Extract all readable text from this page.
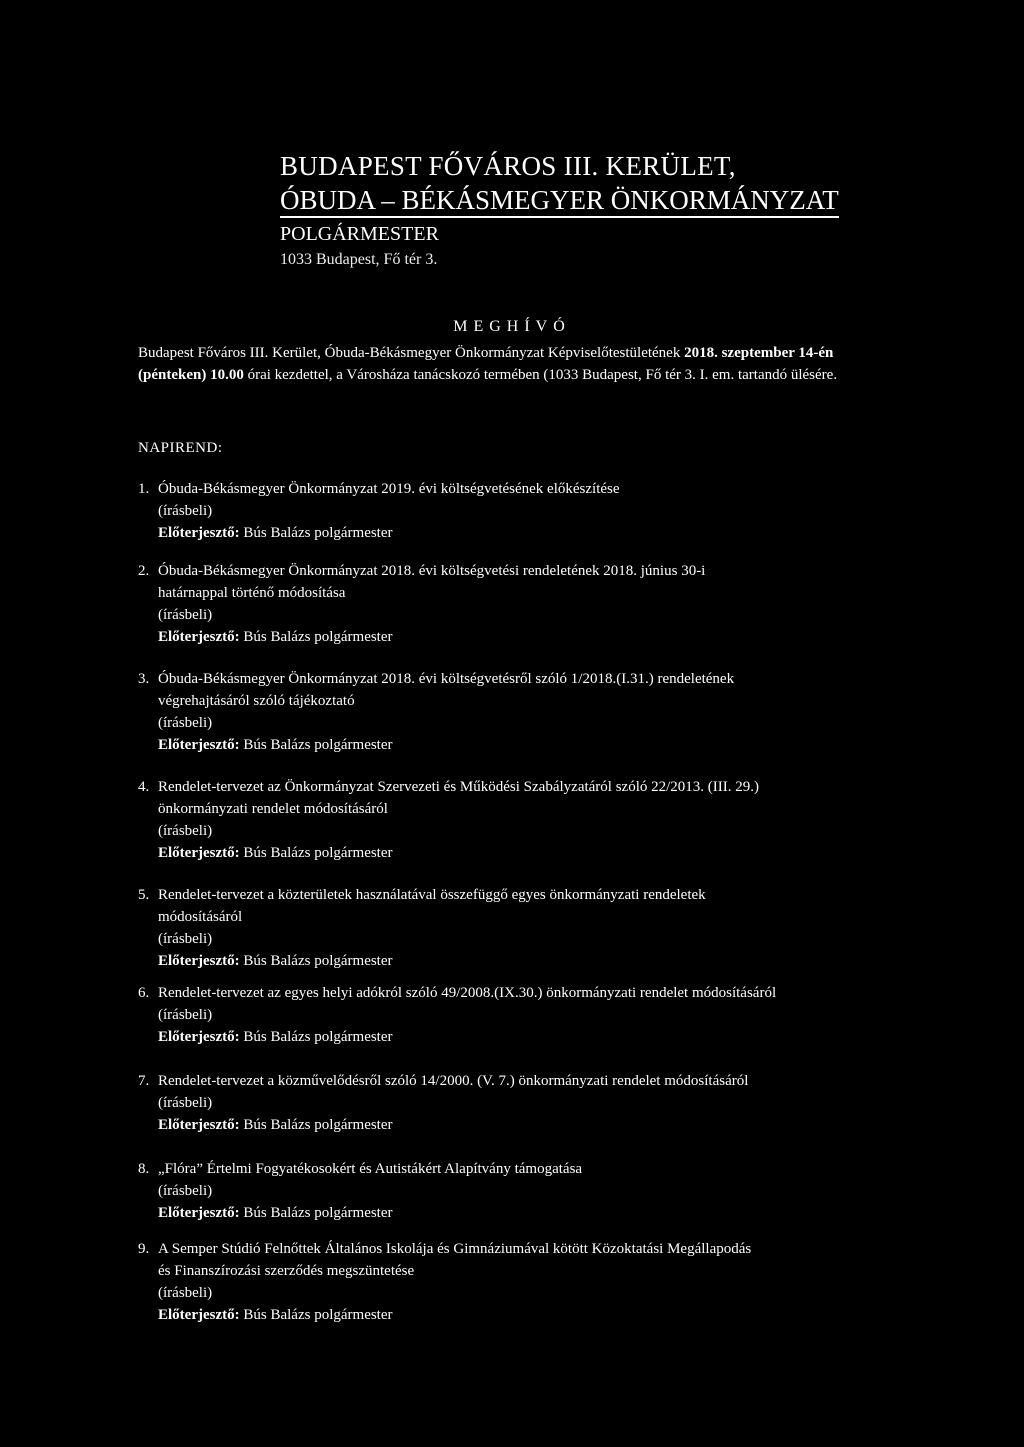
BUDAPEST FŐVÁROS III. KERÜLET,
ÓBUDA – BÉKÁSMEGYER ÖNKORMÁNYZAT
POLGÁRMESTER
1033 Budapest, Fő tér 3.
MEGHÍVÓ
Budapest Főváros III. Kerület, Óbuda-Békásmegyer Önkormányzat Képviselőtestületének 2018. szeptember 14-én (pénteken) 10.00 órai kezdettel, a Városháza tanácskozó termében (1033 Budapest, Fő tér 3. I. em. tartandó ülésére.
NAPIREND:
1. Óbuda-Békásmegyer Önkormányzat 2019. évi költségvetésének előkészítése
(írásbeli)
Előterjesztő: Bús Balázs polgármester
2. Óbuda-Békásmegyer Önkormányzat 2018. évi költségvetési rendeletének 2018. június 30-i
határnappal történő módosítása
(írásbeli)
Előterjesztő: Bús Balázs polgármester
3. Óbuda-Békásmegyer Önkormányzat 2018. évi költségvetésről szóló 1/2018.(I.31.) rendeletének
végrehajtásáról szóló tájékoztató
(írásbeli)
Előterjesztő: Bús Balázs polgármester
4. Rendelet-tervezet az Önkormányzat Szervezeti és Működési Szabályzatáról szóló 22/2013. (III. 29.)
önkormányzati rendelet módosításáról
(írásbeli)
Előterjesztő: Bús Balázs polgármester
5. Rendelet-tervezet a közterületek használatával összefüggő egyes önkormányzati rendeletek
módosításáról
(írásbeli)
Előterjesztő: Bús Balázs polgármester
6. Rendelet-tervezet az egyes helyi adókról szóló 49/2008.(IX.30.) önkormányzati rendelet módosításáról
(írásbeli)
Előterjesztő: Bús Balázs polgármester
7. Rendelet-tervezet a közművelődésről szóló 14/2000. (V. 7.) önkormányzati rendelet módosításáról
(írásbeli)
Előterjesztő: Bús Balázs polgármester
8. „Flóra” Értelmi Fogyatékosokért és Autistákért Alapítvány támogatása
(írásbeli)
Előterjesztő: Bús Balázs polgármester
9. A Semper Stúdió Felnőttek Általános Iskolája és Gimnáziumával kötött Közoktatási Megállapodás
és Finanszírozási szerződés megszüntetése
(írásbeli)
Előterjesztő: Bús Balázs polgármester
